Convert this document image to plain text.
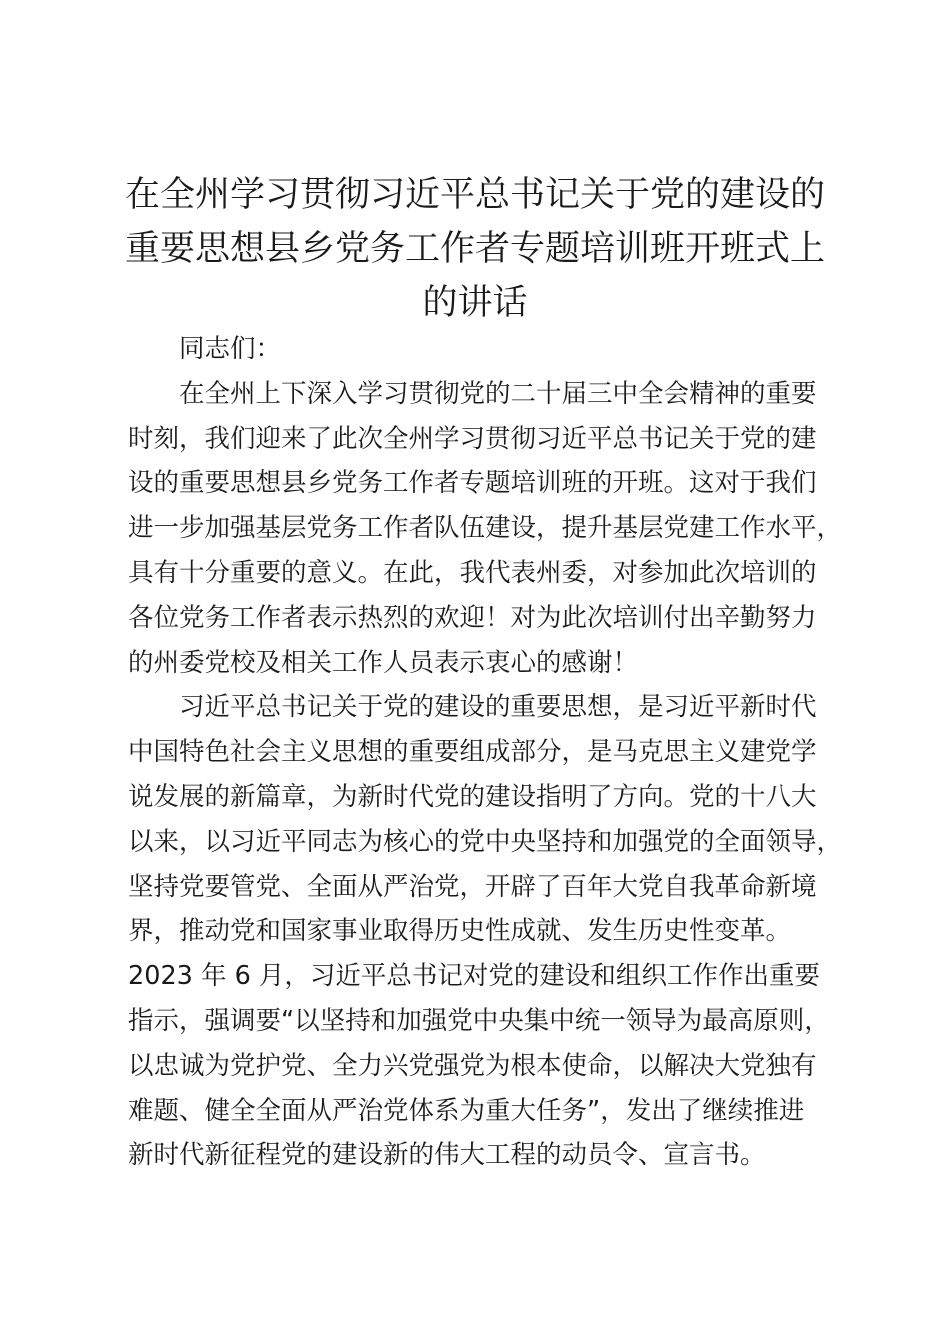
在全州学习贯彻习近平总书记关于党的建设的
重要思想县乡党务工作者专题培训班开班式上
的讲话
同志们：
在全州上下深入学习贯彻党的二十届三中全会精神的重要
时刻，我们迎来了此次全州学习贯彻习近平总书记关于党的建
设的重要思想县乡党务工作者专题培训班的开班。这对于我们
进一步加强基层党务工作者队伍建设，提升基层党建工作水平，
具有十分重要的意义。在此，我代表州委，对参加此次培训的
各位党务工作者表示热烈的欢迎！对为此次培训付出辛勤努力
的州委党校及相关工作人员表示衷心的感谢！
习近平总书记关于党的建设的重要思想，是习近平新时代
中国特色社会主义思想的重要组成部分，是马克思主义建党学
说发展的新篇章，为新时代党的建设指明了方向。党的十八大
以来，以习近平同志为核心的党中央坚持和加强党的全面领导，
坚持党要管党、全面从严治党，开辟了百年大党自我革命新境
界，推动党和国家事业取得历史性成就、发生历史性变革。
2023 年 6 月，习近平总书记对党的建设和组织工作作出重要
指示，强调要“以坚持和加强党中央集中统一领导为最高原则，
以忠诚为党护党、全力兴党强党为根本使命，以解决大党独有
难题、健全全面从严治党体系为重大任务”，发出了继续推进
新时代新征程党的建设新的伟大工程的动员令、宣言书。
